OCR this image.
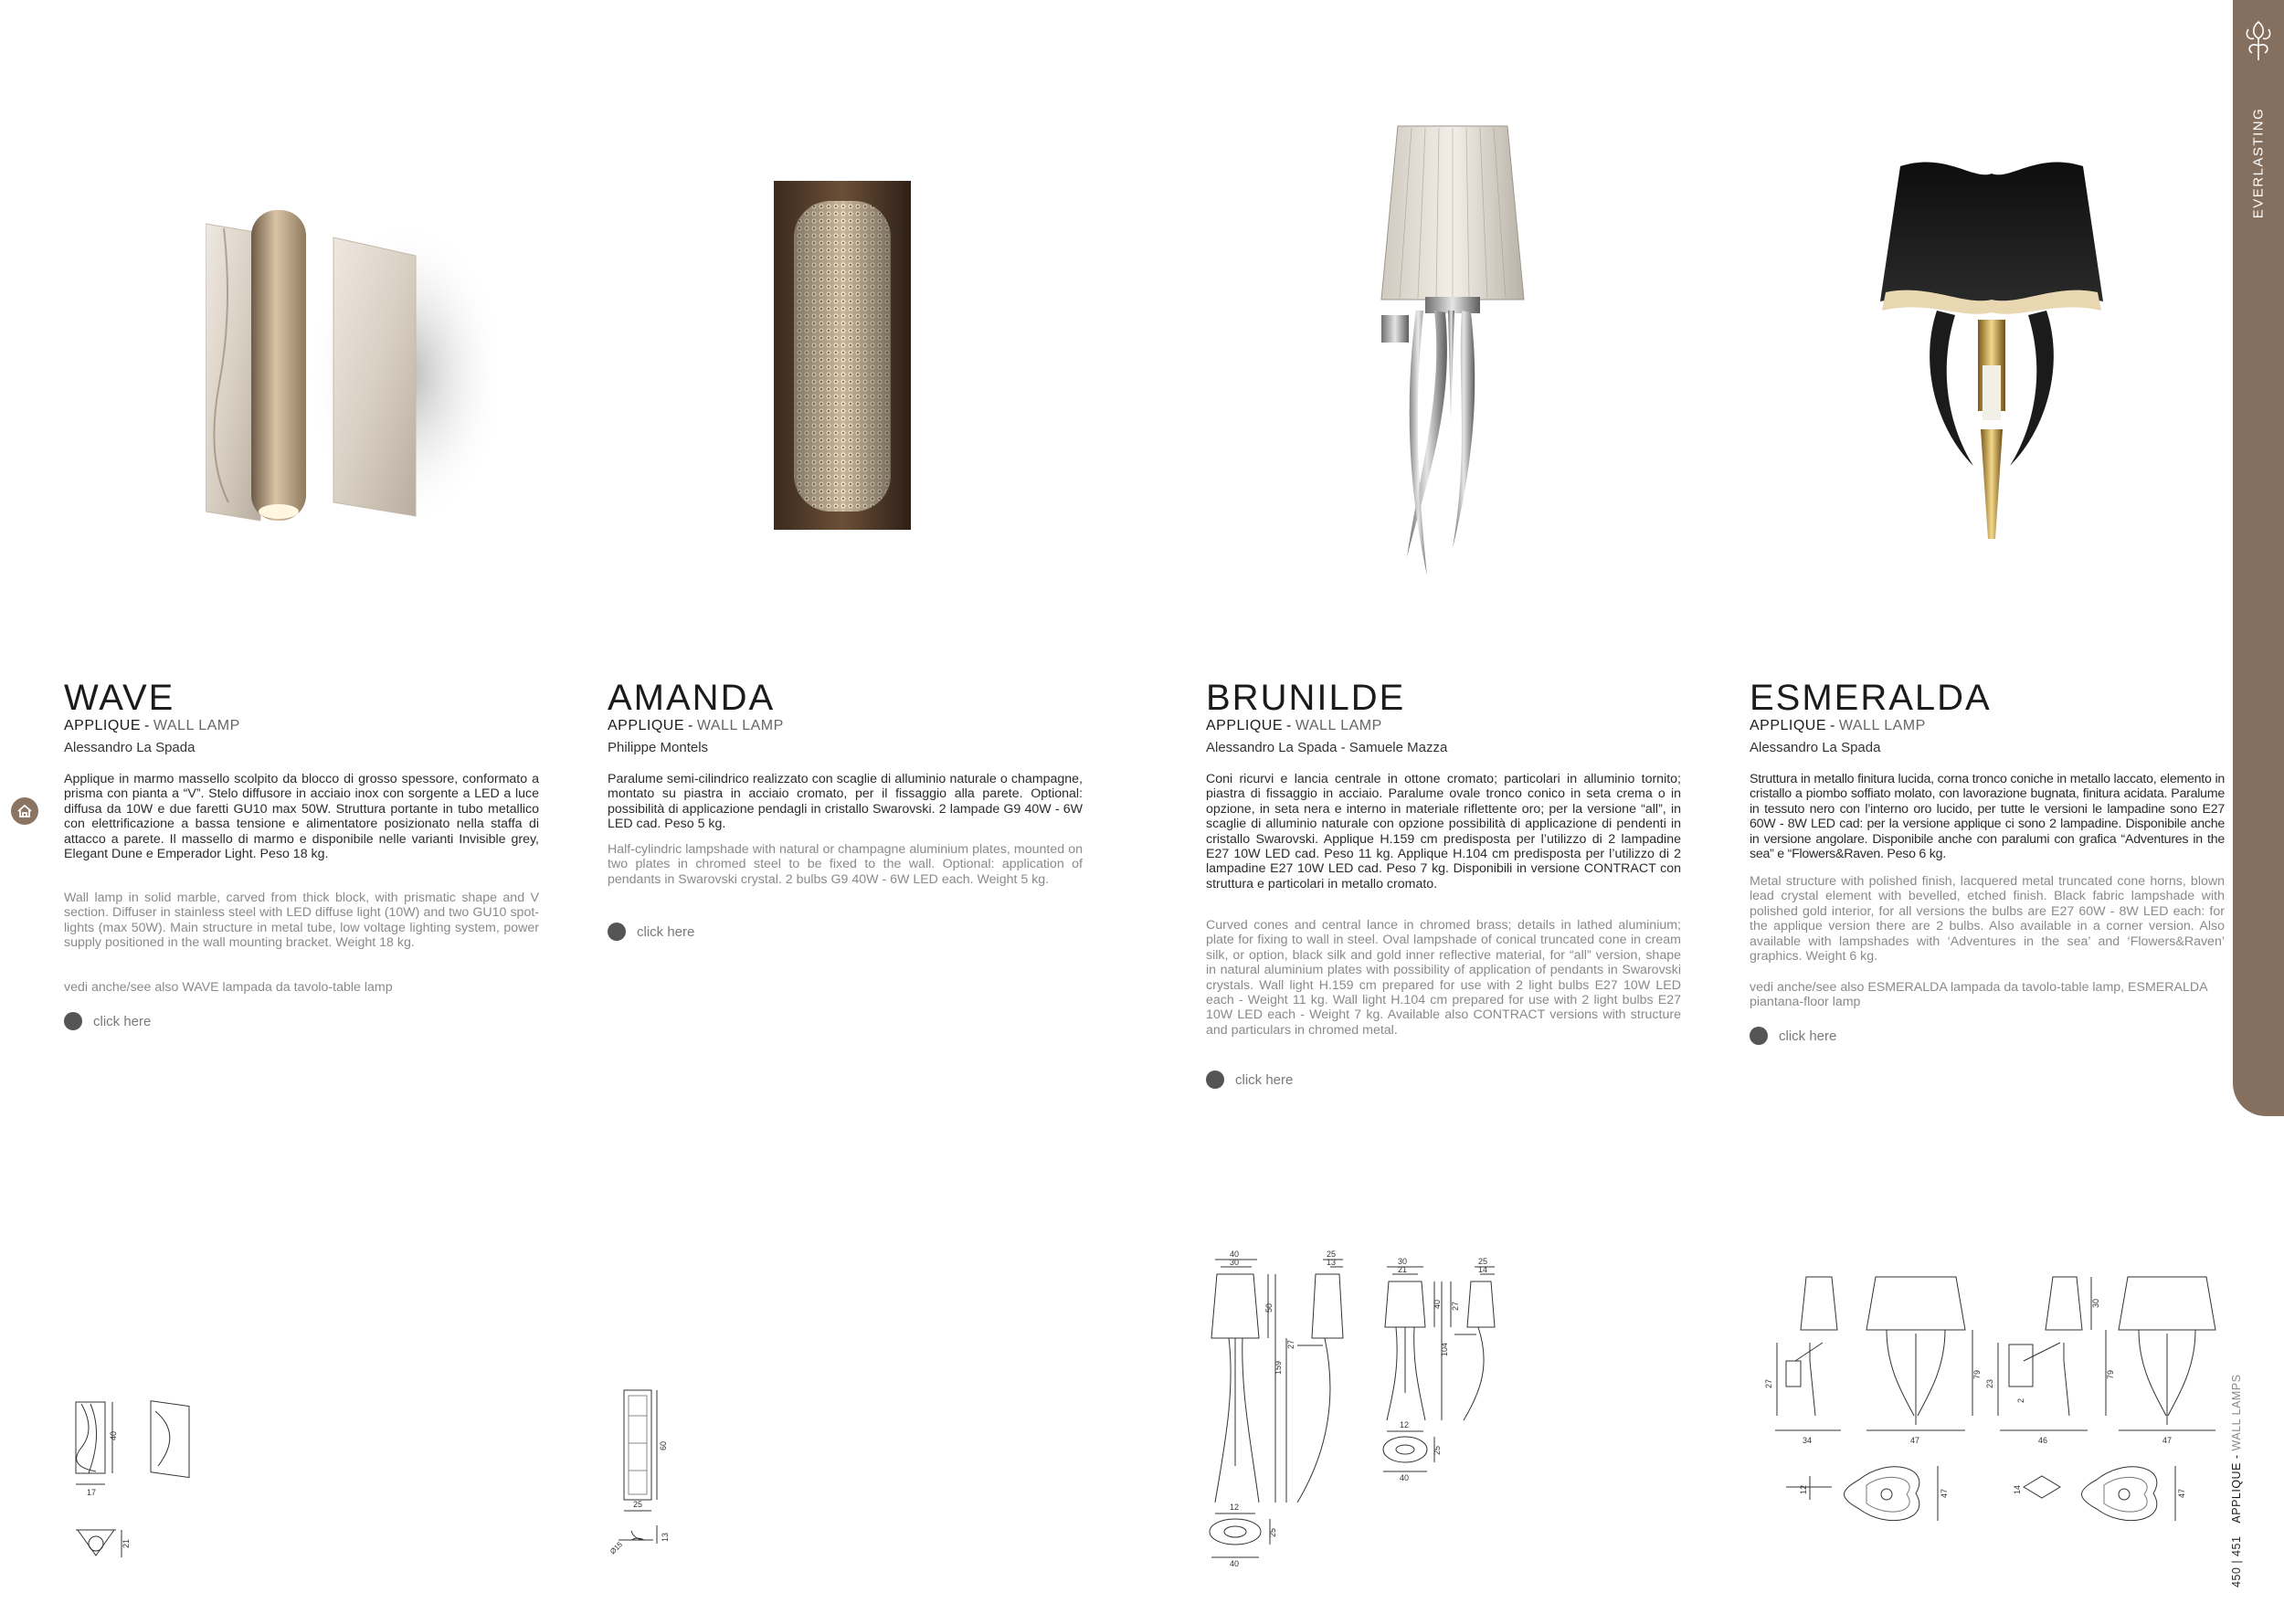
WAVE
APPLIQUE - WALL LAMP
Alessandro La Spada

Applique in marmo massello scolpito da blocco di grosso spessore, conformato a prisma con pianta a “V”. Stelo diffusore in acciaio inox con sorgente a LED a luce diffusa da 10W e due faretti GU10 max 50W. Struttura portante in tubo metallico con elettrificazione a bassa tensione e alimentatore posizionato nella staffa di attacco a parete. Il massello di marmo e disponibile nelle varianti Invisible grey, Elegant Dune e Emperador Light. Peso 18 kg.

Wall lamp in solid marble, carved from thick block, with prismatic shape and V section. Diffuser in stainless steel with LED diffuse light (10W) and two GU10 spot-lights (max 50W). Main structure in metal tube, low voltage lighting system, power supply positioned in the wall mounting bracket. Weight 18 kg.

vedi anche/see also WAVE lampada da tavolo-table lamp

click here
40
17
21
AMANDA
APPLIQUE - WALL LAMP
Philippe Montels

Paralume semi-cilindrico realizzato con scaglie di alluminio naturale o champagne, montato su piastra in acciaio cromato, per il fissaggio alla parete. Optional: possibilità di applicazione pendagli in cristallo Swarovski. 2 lampade G9 40W - 6W LED cad. Peso 5 kg.

Half-cylindric lampshade with natural or champagne aluminium plates, mounted on two plates in chromed steel to be fixed to the wall. Optional: application of pendants in Swarovski crystal. 2 bulbs G9 40W - 6W LED each. Weight 5 kg.

click here
60
25
13
Ø15
BRUNILDE
APPLIQUE - WALL LAMP
Alessandro La Spada - Samuele Mazza

Coni ricurvi e lancia centrale in ottone cromato; particolari in alluminio tornito; piastra di fissaggio in acciaio. Paralume ovale tronco conico in seta crema o in opzione, in seta nera e interno in materiale riflettente oro; per la versione “all”, in scaglie di alluminio naturale con opzione possibilità di applicazione di pendenti in cristallo Swarovski. Applique H.159 cm predisposta per l’utilizzo di 2 lampadine E27 10W LED cad. Peso 11 kg. Applique H.104 cm predisposta per l’utilizzo di 2 lampadine E27 10W LED cad. Peso 7 kg. Disponibili in versione CONTRACT con struttura e particolari in metallo cromato.

Curved cones and central lance in chromed brass; details in lathed aluminium; plate for fixing to wall in steel. Oval lampshade of conical truncated cone in cream silk, or option, black silk and gold inner reflective material, for “all” version, shape in natural aluminium plates with possibility of application of pendants in Swarovski crystals. Wall light H.159 cm prepared for use with 2 light bulbs E27 10W LED each - Weight 11 kg. Wall light H.104 cm prepared for use with 2 light bulbs E27 10W LED each - Weight 7 kg. Available also CONTRACT versions with structure and particulars in chromed metal.

click here
40
30
25
13	30
21
25
14
50
159
27
40
104
27
12
25
40
12
25
40
ESMERALDA
APPLIQUE - WALL LAMP
Alessandro La Spada

Struttura in metallo finitura lucida, corna tronco coniche in metallo laccato, elemento in cristallo a piombo soffiato molato, con lavorazione bugnata, finitura acidata. Paralume in tessuto nero con l’interno oro lucido, per tutte le versioni le lampadine sono E27 60W - 8W LED cad: per la versione applique ci sono 2 lampadine. Disponibile anche in versione angolare. Disponibile anche con paralumi con grafica “Adventures in the sea” e “Flowers&Raven. Peso 6 kg.

Metal structure with polished finish, lacquered metal truncated cone horns, blown lead crystal element with bevelled, etched finish. Black fabric lampshade with polished gold interior, for all versions the bulbs are E27 60W - 8W LED each: for the applique version there are 2 bulbs. Also available in a corner version. Also available with lampshades with ‘Adventures in the sea’ and ‘Flowers&Raven’ graphics. Weight 6 kg.

vedi anche/see also ESMERALDA lampada da tavolo-table lamp, ESMERALDA piantana-floor lamp

click here
27
79
34	47
23
2
30
79
46	47
12	47	14	47
EVERLASTING
450 | 451 APPLIQUE - WALL LAMPS
